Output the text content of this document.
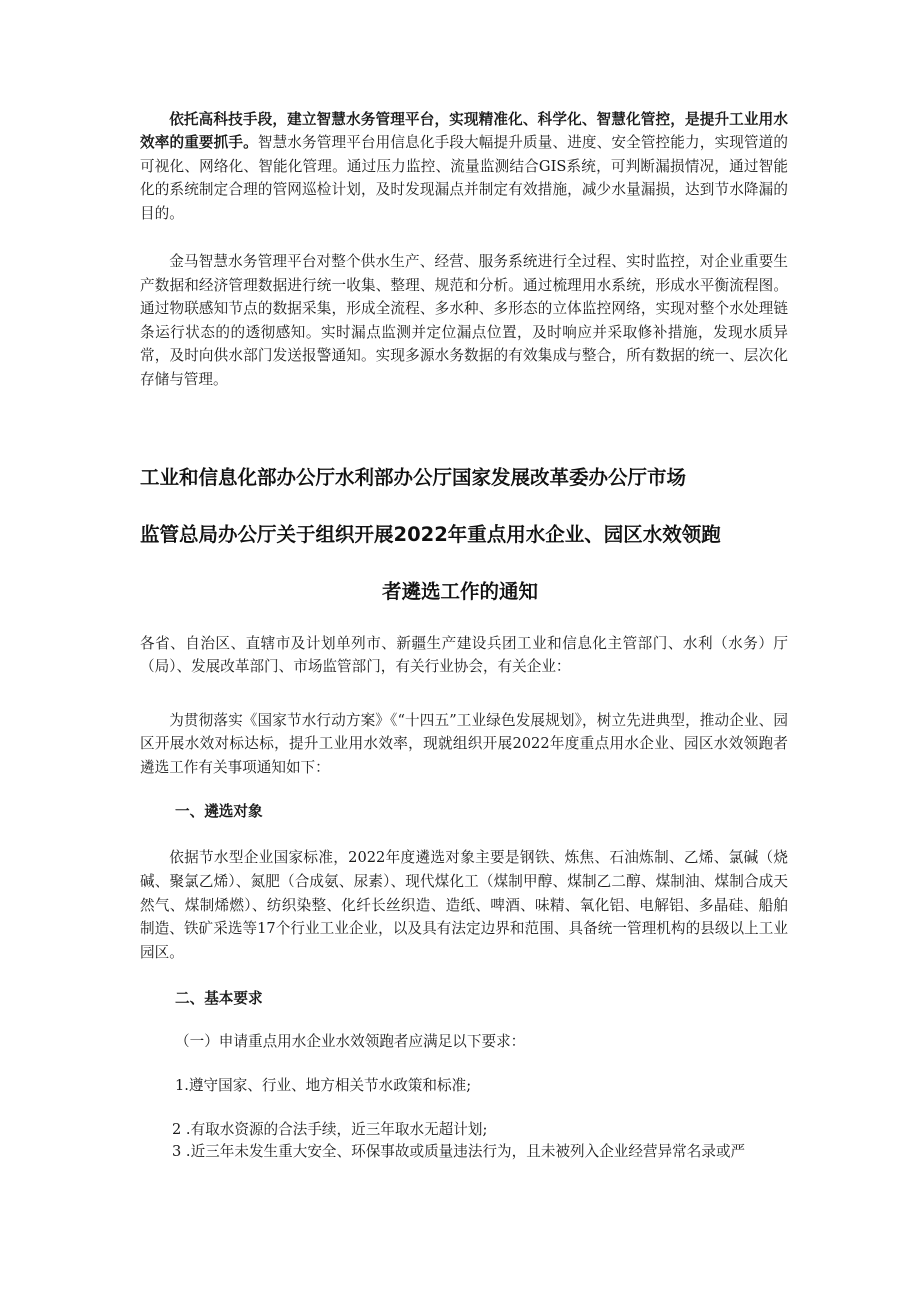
依托高科技手段，建立智慧水务管理平台，实现精准化、科学化、智慧化管控，是提升工业用水效率的重要抓手。智慧水务管理平台用信息化手段大幅提升质量、进度、安全管控能力，实现管道的可视化、网络化、智能化管理。通过压力监控、流量监测结合GIS系统，可判断漏损情况，通过智能化的系统制定合理的管网巡检计划，及时发现漏点并制定有效措施，减少水量漏损，达到节水降漏的目的。

金马智慧水务管理平台对整个供水生产、经营、服务系统进行全过程、实时监控，对企业重要生产数据和经济管理数据进行统一收集、整理、规范和分析。通过梳理用水系统，形成水平衡流程图。通过物联感知节点的数据采集，形成全流程、多水种、多形态的立体监控网络，实现对整个水处理链条运行状态的的透彻感知。实时漏点监测并定位漏点位置，及时响应并采取修补措施，发现水质异常，及时向供水部门发送报警通知。实现多源水务数据的有效集成与整合，所有数据的统一、层次化存储与管理。

工业和信息化部办公厅水利部办公厅国家发展改革委办公厅市场
监管总局办公厅关于组织开展2022年重点用水企业、园区水效领跑
者遴选工作的通知

各省、自治区、直辖市及计划单列市、新疆生产建设兵团工业和信息化主管部门、水利（水务）厅（局）、发展改革部门、市场监管部门，有关行业协会，有关企业：

为贯彻落实《国家节水行动方案》《“十四五”工业绿色发展规划》，树立先进典型，推动企业、园区开展水效对标达标，提升工业用水效率，现就组织开展2022年度重点用水企业、园区水效领跑者遴选工作有关事项通知如下：

一、遴选对象

依据节水型企业国家标准，2022年度遴选对象主要是钢铁、炼焦、石油炼制、乙烯、氯碱（烧碱、聚氯乙烯）、氮肥（合成氨、尿素）、现代煤化工（煤制甲醇、煤制乙二醇、煤制油、煤制合成天然气、煤制烯燃）、纺织染整、化纤长丝织造、造纸、啤酒、味精、氧化铝、电解铝、多晶硅、船舶制造、铁矿采选等17个行业工业企业，以及具有法定边界和范围、具备统一管理机构的县级以上工业园区。

二、基本要求

（一）申请重点用水企业水效领跑者应满足以下要求：

1.遵守国家、行业、地方相关节水政策和标准;

2 .有取水资源的合法手续，近三年取水无超计划;

3 .近三年未发生重大安全、环保事故或质量违法行为，且未被列入企业经营异常名录或严
